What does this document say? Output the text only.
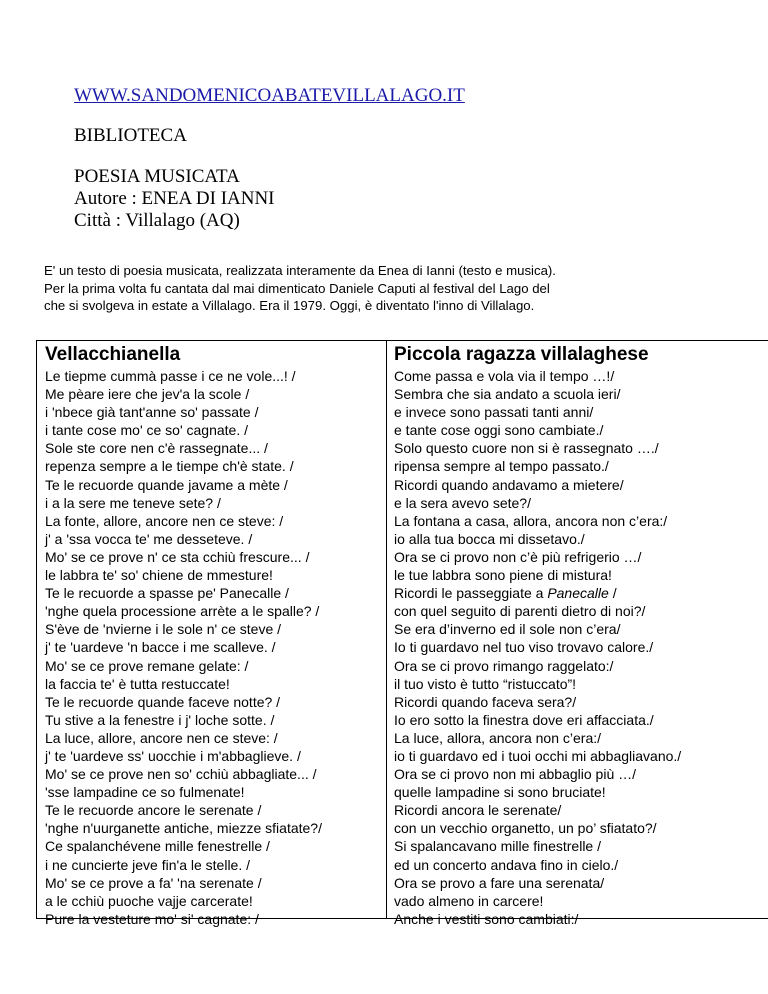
WWW.SANDOMENICOABATEVILLALAGO.IT
BIBLIOTECA
POESIA MUSICATA
Autore : ENEA DI IANNI
Città : Villalago (AQ)
E' un testo di poesia musicata, realizzata interamente da Enea di Ianni (testo e musica).
Per la prima volta fu cantata dal mai dimenticato Daniele Caputi al festival del Lago del
che si svolgeva in estate a Villalago. Era il 1979. Oggi, è diventato l'inno di Villalago.
Vellacchianella
Le tiepme cummà passe i ce ne vole...! /
Me pèare iere che jev'a la scole /
i 'nbece già tant'anne so' passate /
i tante cose mo' ce so' cagnate. /
Sole ste core nen c'è rassegnate... /
repenza sempre a le tiempe ch'è state. /
Te le recuorde quande javame a mète /
i a la sere me teneve sete? /
La fonte, allore, ancore nen ce steve: /
j' a 'ssa vocca te' me desseteve. /
Mo' se ce prove n' ce sta cchiù frescure... /
le labbra te' so' chiene de mmesture!
Te le recuorde a spasse pe' Panecalle /
'nghe quela processione arrète a le spalle? /
S'ève de 'nvierne i le sole n' ce steve /
j' te 'uardeve 'n bacce i me scalleve. /
Mo' se ce prove remane gelate: /
la faccia te' è tutta restuccate!
Te le recuorde quande faceve notte? /
Tu stive a la fenestre i j' loche sotte. /
La luce, allore, ancore nen ce steve: /
j' te 'uardeve ss' uocchie i m'abbaglieve. /
Mo' se ce prove nen so' cchiù abbagliate... /
'sse lampadine ce so fulmenate!
Te le recuorde ancore le serenate /
'nghe n'uurganette antiche, miezze sfiatate?/
Ce spalanchévene mille fenestrelle /
i ne cuncierte jeve fin'a le stelle. /
Mo' se ce prove a fa' 'na serenate /
a le cchiù puoche vajje carcerate!
Pure la vesteture mo' si' cagnate: /
Piccola ragazza villalaghese
Come passa e vola via il tempo …!/
Sembra che sia andato a scuola ieri/
e invece sono passati tanti anni/
e tante cose oggi sono cambiate./
Solo questo cuore non si è rassegnato …./
ripensa sempre al tempo passato./
Ricordi quando andavamo a mietere/
e la sera avevo sete?/
La fontana a casa, allora, ancora non c’era:/
io alla tua bocca mi dissetavo./
Ora se ci provo non c’è più refrigerio …/
le tue labbra sono piene di mistura!
Ricordi le passeggiate a Panecalle /
con quel seguito di parenti dietro di noi?/
Se era d’inverno ed il sole non c’era/
Io ti guardavo nel tuo viso trovavo calore./
Ora se ci provo rimango raggelato:/
il tuo visto è tutto “ristuccato”!
Ricordi quando faceva sera?/
Io ero sotto la finestra dove eri affacciata./
La luce, allora, ancora non c’era:/
io ti guardavo ed i tuoi occhi mi abbagliavano./
Ora se ci provo non mi abbaglio più …/
quelle lampadine si sono bruciate!
Ricordi ancora le serenate/
con un vecchio organetto, un po’ sfiatato?/
Si spalancavano mille finestrelle /
ed un concerto andava fino in cielo./
Ora se provo a fare una serenata/
vado almeno in carcere!
Anche i vestiti sono cambiati:/
